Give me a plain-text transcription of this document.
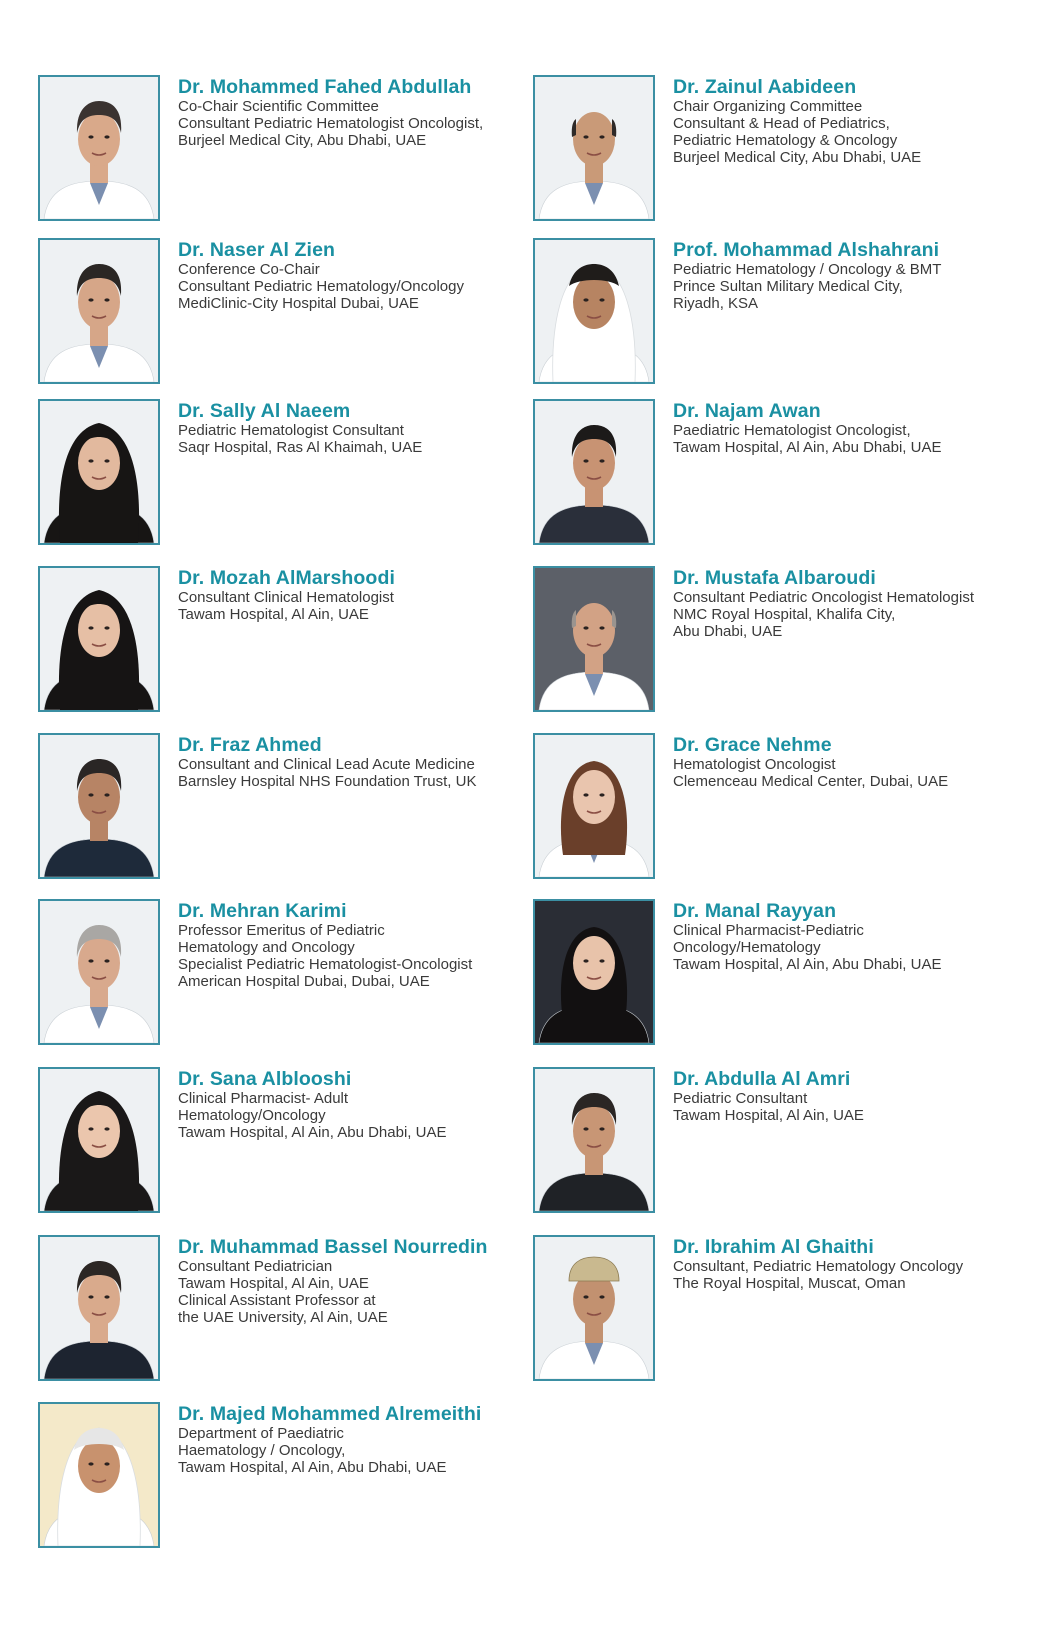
Dr. Mohammed Fahed Abdullah
Co-Chair Scientific Committee
Consultant Pediatric Hematologist Oncologist,
Burjeel Medical City, Abu Dhabi, UAE
Dr. Zainul Aabideen
Chair Organizing Committee
Consultant & Head of Pediatrics,
Pediatric Hematology & Oncology
Burjeel Medical City, Abu Dhabi, UAE
Dr. Naser Al Zien
Conference Co-Chair
Consultant Pediatric Hematology/Oncology
MediClinic-City Hospital Dubai, UAE
Prof. Mohammad Alshahrani
Pediatric Hematology / Oncology & BMT
Prince Sultan Military Medical City,
Riyadh, KSA
Dr. Sally Al Naeem
Pediatric Hematologist Consultant
Saqr Hospital, Ras Al Khaimah, UAE
Dr. Najam Awan
Paediatric Hematologist Oncologist,
Tawam Hospital, Al Ain, Abu Dhabi, UAE
Dr. Mozah AlMarshoodi
Consultant Clinical Hematologist
Tawam Hospital, Al Ain, UAE
Dr. Mustafa Albaroudi
Consultant Pediatric Oncologist Hematologist
NMC Royal Hospital, Khalifa City,
Abu Dhabi, UAE
Dr. Fraz Ahmed
Consultant and Clinical Lead Acute Medicine
Barnsley Hospital NHS Foundation Trust, UK
Dr. Grace Nehme
Hematologist Oncologist
Clemenceau Medical Center, Dubai, UAE
Dr. Mehran Karimi
Professor Emeritus of Pediatric
Hematology and Oncology
Specialist Pediatric Hematologist-Oncologist
American Hospital Dubai, Dubai, UAE
Dr. Manal Rayyan
Clinical Pharmacist-Pediatric
Oncology/Hematology
Tawam Hospital, Al Ain, Abu Dhabi, UAE
Dr. Sana Alblooshi
Clinical Pharmacist- Adult
Hematology/Oncology
Tawam Hospital, Al Ain, Abu Dhabi, UAE
Dr. Abdulla Al Amri
Pediatric Consultant
Tawam Hospital, Al Ain, UAE
Dr. Muhammad Bassel Nourredin
Consultant Pediatrician
Tawam Hospital, Al Ain, UAE
Clinical Assistant Professor at
the UAE University, Al Ain, UAE
Dr. Ibrahim Al Ghaithi
Consultant, Pediatric Hematology Oncology
The Royal Hospital, Muscat, Oman
Dr. Majed Mohammed Alremeithi
Department of Paediatric
Haematology / Oncology,
Tawam Hospital, Al Ain, Abu Dhabi, UAE
